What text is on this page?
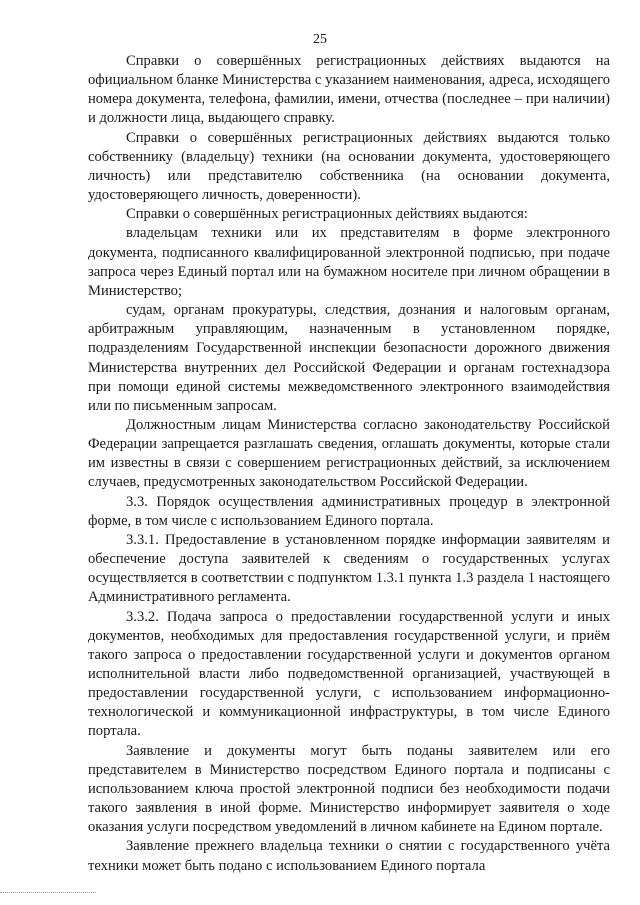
25

Справки о совершённых регистрационных действиях выдаются на официальном бланке Министерства с указанием наименования, адреса, исходящего номера документа, телефона, фамилии, имени, отчества (последнее – при наличии) и должности лица, выдающего справку.

Справки о совершённых регистрационных действиях выдаются только собственнику (владельцу) техники (на основании документа, удостоверяющего личность) или представителю собственника (на основании документа, удостоверяющего личность, доверенности).

Справки о совершённых регистрационных действиях выдаются:

владельцам техники или их представителям в форме электронного документа, подписанного квалифицированной электронной подписью, при подаче запроса через Единый портал или на бумажном носителе при личном обращении в Министерство;

судам, органам прокуратуры, следствия, дознания и налоговым органам, арбитражным управляющим, назначенным в установленном порядке, подразделениям Государственной инспекции безопасности дорожного движения Министерства внутренних дел Российской Федерации и органам гостехнадзора при помощи единой системы межведомственного электронного взаимодействия или по письменным запросам.

Должностным лицам Министерства согласно законодательству Российской Федерации запрещается разглашать сведения, оглашать документы, которые стали им известны в связи с совершением регистрационных действий, за исключением случаев, предусмотренных законодательством Российской Федерации.

3.3. Порядок осуществления административных процедур в электронной форме, в том числе с использованием Единого портала.

3.3.1. Предоставление в установленном порядке информации заявителям и обеспечение доступа заявителей к сведениям о государственных услугах осуществляется в соответствии с подпунктом 1.3.1 пункта 1.3 раздела 1 настоящего Административного регламента.

3.3.2. Подача запроса о предоставлении государственной услуги и иных документов, необходимых для предоставления государственной услуги, и приём такого запроса о предоставлении государственной услуги и документов органом исполнительной власти либо подведомственной организацией, участвующей в предоставлении государственной услуги, с использованием информационно-технологической и коммуникационной инфраструктуры, в том числе Единого портала.

Заявление и документы могут быть поданы заявителем или его представителем в Министерство посредством Единого портала и подписаны с использованием ключа простой электронной подписи без необходимости подачи такого заявления в иной форме. Министерство информирует заявителя о ходе оказания услуги посредством уведомлений в личном кабинете на Едином портале.

Заявление прежнего владельца техники о снятии с государственного учёта техники может быть подано с использованием Единого портала
